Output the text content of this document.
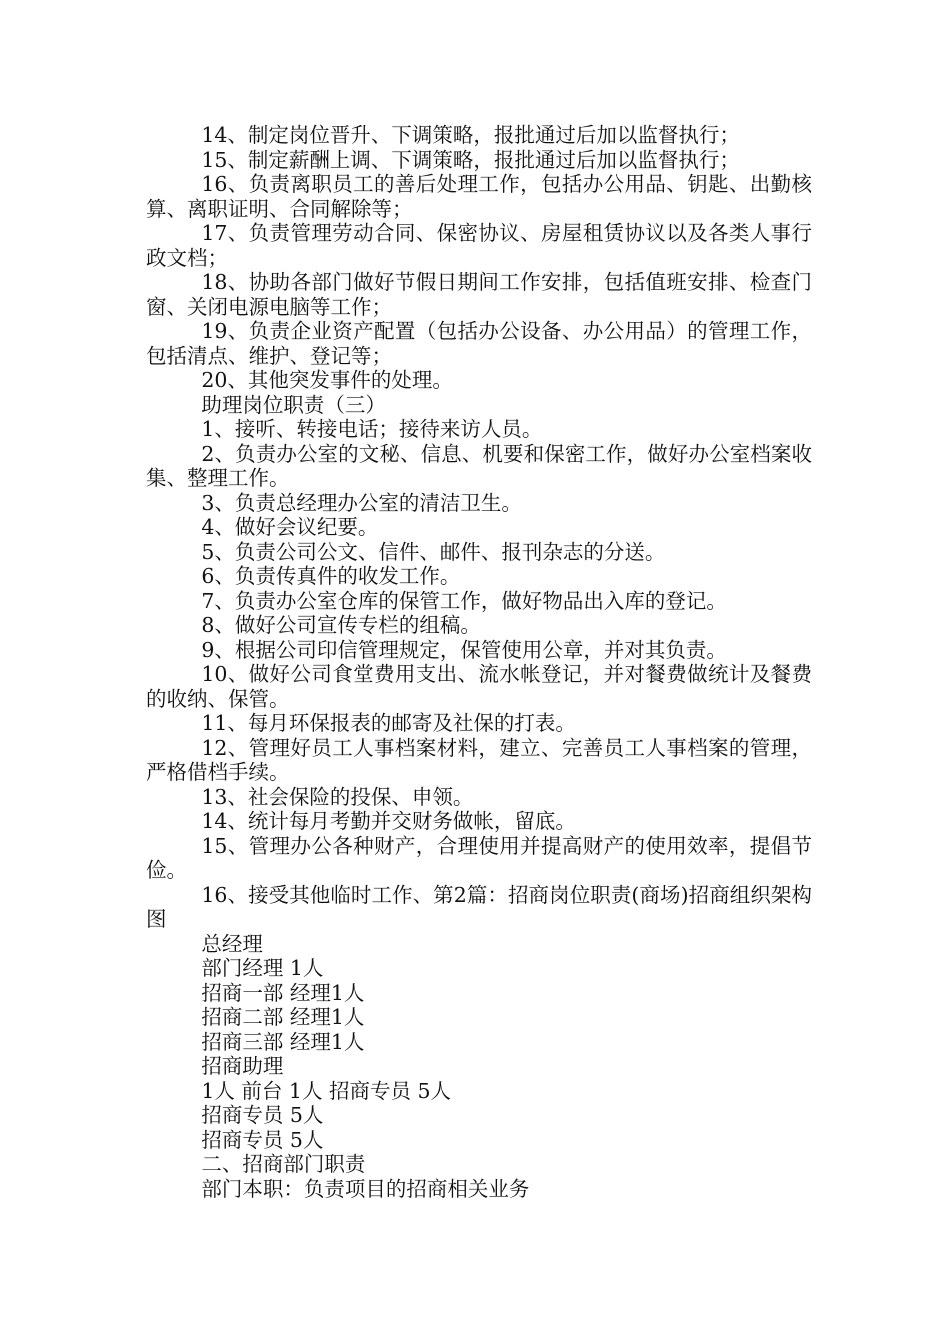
14、制定岗位晋升、下调策略，报批通过后加以监督执行；

15、制定薪酬上调、下调策略，报批通过后加以监督执行；

16、负责离职员工的善后处理工作，包括办公用品、钥匙、出勤核算、离职证明、合同解除等；

17、负责管理劳动合同、保密协议、房屋租赁协议以及各类人事行政文档；

18、协助各部门做好节假日期间工作安排，包括值班安排、检查门窗、关闭电源电脑等工作；

19、负责企业资产配置（包括办公设备、办公用品）的管理工作，包括清点、维护、登记等；

20、其他突发事件的处理。

助理岗位职责（三）

1、接听、转接电话；接待来访人员。

2、负责办公室的文秘、信息、机要和保密工作，做好办公室档案收集、整理工作。

3、负责总经理办公室的清洁卫生。

4、做好会议纪要。

5、负责公司公文、信件、邮件、报刊杂志的分送。

6、负责传真件的收发工作。

7、负责办公室仓库的保管工作，做好物品出入库的登记。

8、做好公司宣传专栏的组稿。

9、根据公司印信管理规定，保管使用公章，并对其负责。

10、做好公司食堂费用支出、流水帐登记，并对餐费做统计及餐费的收纳、保管。

11、每月环保报表的邮寄及社保的打表。

12、管理好员工人事档案材料，建立、完善员工人事档案的管理，严格借档手续。

13、社会保险的投保、申领。

14、统计每月考勤并交财务做帐，留底。

15、管理办公各种财产，合理使用并提高财产的使用效率，提倡节俭。

16、接受其他临时工作、第2篇：招商岗位职责(商场)招商组织架构图

总经理

部门经理 1人

招商一部 经理1人

招商二部 经理1人

招商三部 经理1人

招商助理

1人 前台 1人 招商专员 5人

招商专员 5人

招商专员 5人

二、招商部门职责

部门本职：负责项目的招商相关业务
